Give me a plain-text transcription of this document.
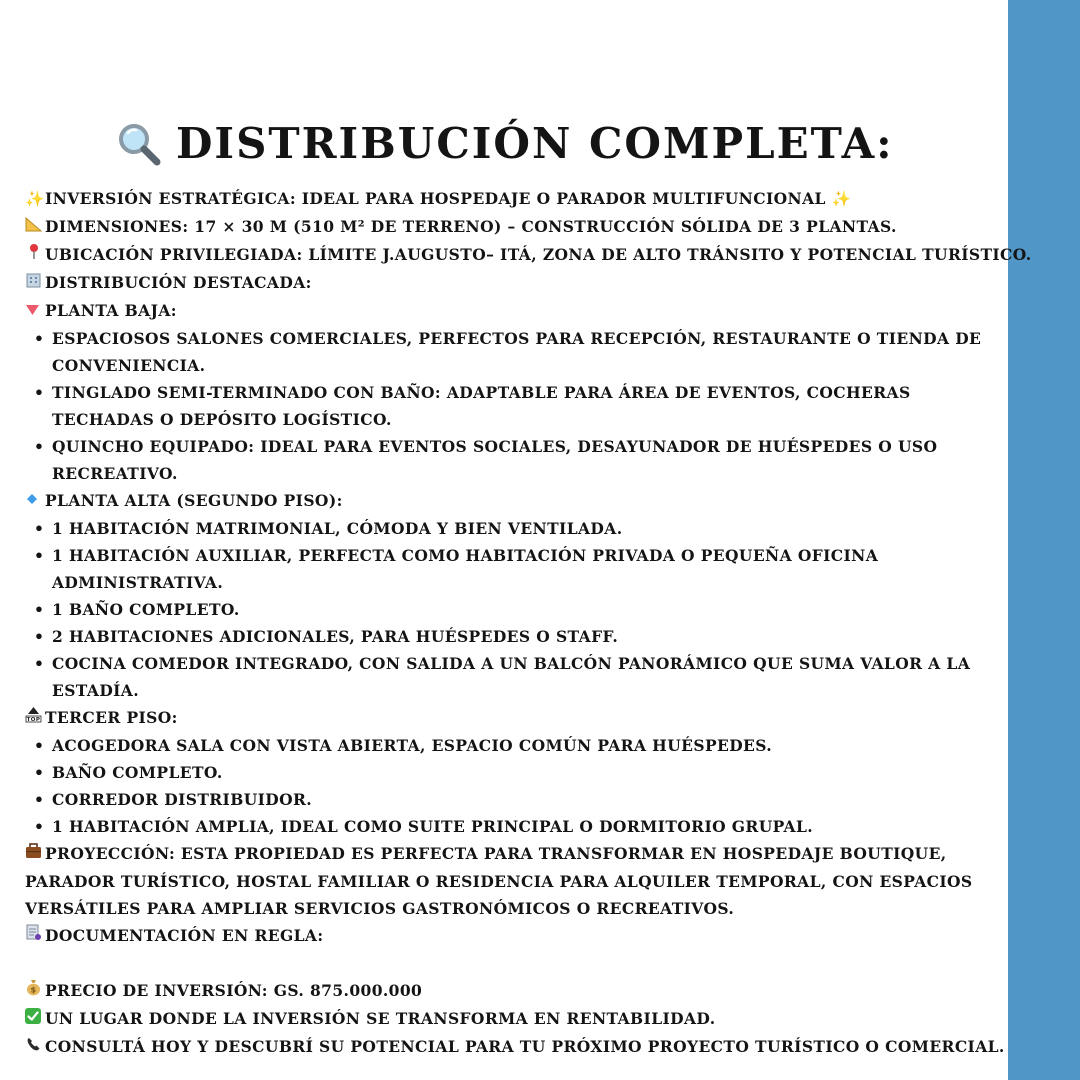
DISTRIBUCIÓN COMPLETA:
✨INVERSIÓN ESTRATÉGICA: IDEAL PARA HOSPEDAJE O PARADOR MULTIFUNCIONAL ✨
DIMENSIONES: 17 × 30 M (510 M² DE TERRENO) – CONSTRUCCIÓN SÓLIDA DE 3 PLANTAS.
UBICACIÓN PRIVILEGIADA: LÍMITE J.AUGUSTO– ITÁ, ZONA DE ALTO TRÁNSITO Y POTENCIAL TURÍSTICO.
DISTRIBUCIÓN DESTACADA:
PLANTA BAJA:
• ESPACIOSOS SALONES COMERCIALES, PERFECTOS PARA RECEPCIÓN, RESTAURANTE O TIENDA DE CONVENIENCIA.
• TINGLADO SEMI-TERMINADO CON BAÑO: ADAPTABLE PARA ÁREA DE EVENTOS, COCHERAS TECHADAS O DEPÓSITO LOGÍSTICO.
• QUINCHO EQUIPADO: IDEAL PARA EVENTOS SOCIALES, DESAYUNADOR DE HUÉSPEDES O USO RECREATIVO.
PLANTA ALTA (SEGUNDO PISO):
• 1 HABITACIÓN MATRIMONIAL, CÓMODA Y BIEN VENTILADA.
• 1 HABITACIÓN AUXILIAR, PERFECTA COMO HABITACIÓN PRIVADA O PEQUEÑA OFICINA ADMINISTRATIVA.
• 1 BAÑO COMPLETO.
• 2 HABITACIONES ADICIONALES, PARA HUÉSPEDES O STAFF.
• COCINA COMEDOR INTEGRADO, CON SALIDA A UN BALCÓN PANORÁMICO QUE SUMA VALOR A LA ESTADÍA.
TOP TERCER PISO:
• ACOGEDORA SALA CON VISTA ABIERTA, ESPACIO COMÚN PARA HUÉSPEDES.
• BAÑO COMPLETO.
• CORREDOR DISTRIBUIDOR.
• 1 HABITACIÓN AMPLIA, IDEAL COMO SUITE PRINCIPAL O DORMITORIO GRUPAL.
PROYECCIÓN: ESTA PROPIEDAD ES PERFECTA PARA TRANSFORMAR EN HOSPEDAJE BOUTIQUE, PARADOR TURÍSTICO, HOSTAL FAMILIAR O RESIDENCIA PARA ALQUILER TEMPORAL, CON ESPACIOS VERSÁTILES PARA AMPLIAR SERVICIOS GASTRONÓMICOS O RECREATIVOS.
DOCUMENTACIÓN EN REGLA:
$ PRECIO DE INVERSIÓN: GS. 875.000.000
UN LUGAR DONDE LA INVERSIÓN SE TRANSFORMA EN RENTABILIDAD.
CONSULTÁ HOY Y DESCUBRÍ SU POTENCIAL PARA TU PRÓXIMO PROYECTO TURÍSTICO O COMERCIAL.
